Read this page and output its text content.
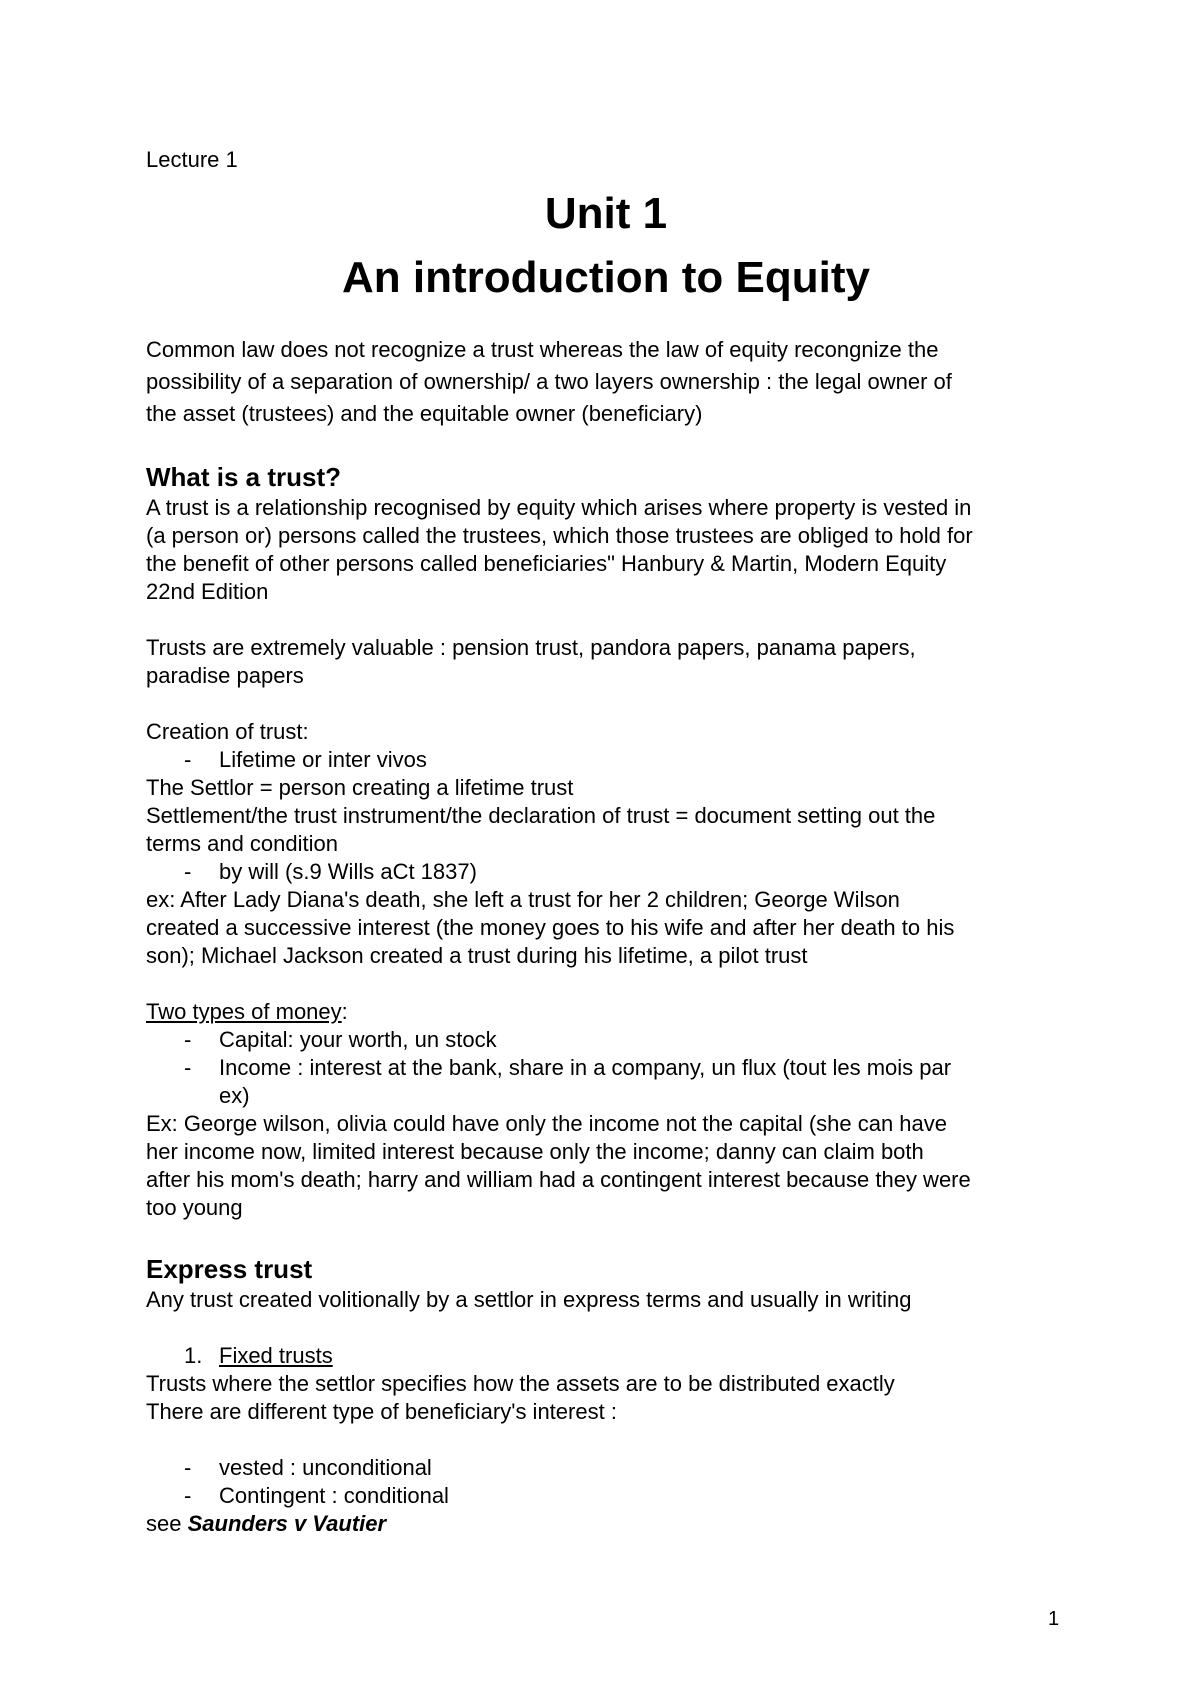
Lecture 1

Unit 1
An introduction to Equity

Common law does not recognize a trust whereas the law of equity recongnize the

possibility of a separation of ownership/ a two layers ownership : the legal owner of

the asset (trustees) and the equitable owner (beneficiary)

What is a trust?

A trust is a relationship recognised by equity which arises where property is vested in

(a person or) persons called the trustees, which those trustees are obliged to hold for

the benefit of other persons called beneficiaries" Hanbury & Martin, Modern Equity

22nd Edition

Trusts are extremely valuable : pension trust, pandora papers, panama papers,

paradise papers

Creation of trust:

- Lifetime or inter vivos

The Settlor = person creating a lifetime trust

Settlement/the trust instrument/the declaration of trust = document setting out the

terms and condition

- by will (s.9 Wills aCt 1837)

ex: After Lady Diana's death, she left a trust for her 2 children; George Wilson

created a successive interest (the money goes to his wife and after her death to his

son); Michael Jackson created a trust during his lifetime, a pilot trust

Two types of money:

- Capital: your worth, un stock

- Income : interest at the bank, share in a company, un flux (tout les mois par
ex)

Ex: George wilson, olivia could have only the income not the capital (she can have

her income now, limited interest because only the income; danny can claim both

after his mom's death; harry and william had a contingent interest because they were

too young

Express trust

Any trust created volitionally by a settlor in express terms and usually in writing

1. Fixed trusts

Trusts where the settlor specifies how the assets are to be distributed exactly

There are different type of beneficiary's interest :

- vested : unconditional

- Contingent : conditional

see Saunders v Vautier

1
